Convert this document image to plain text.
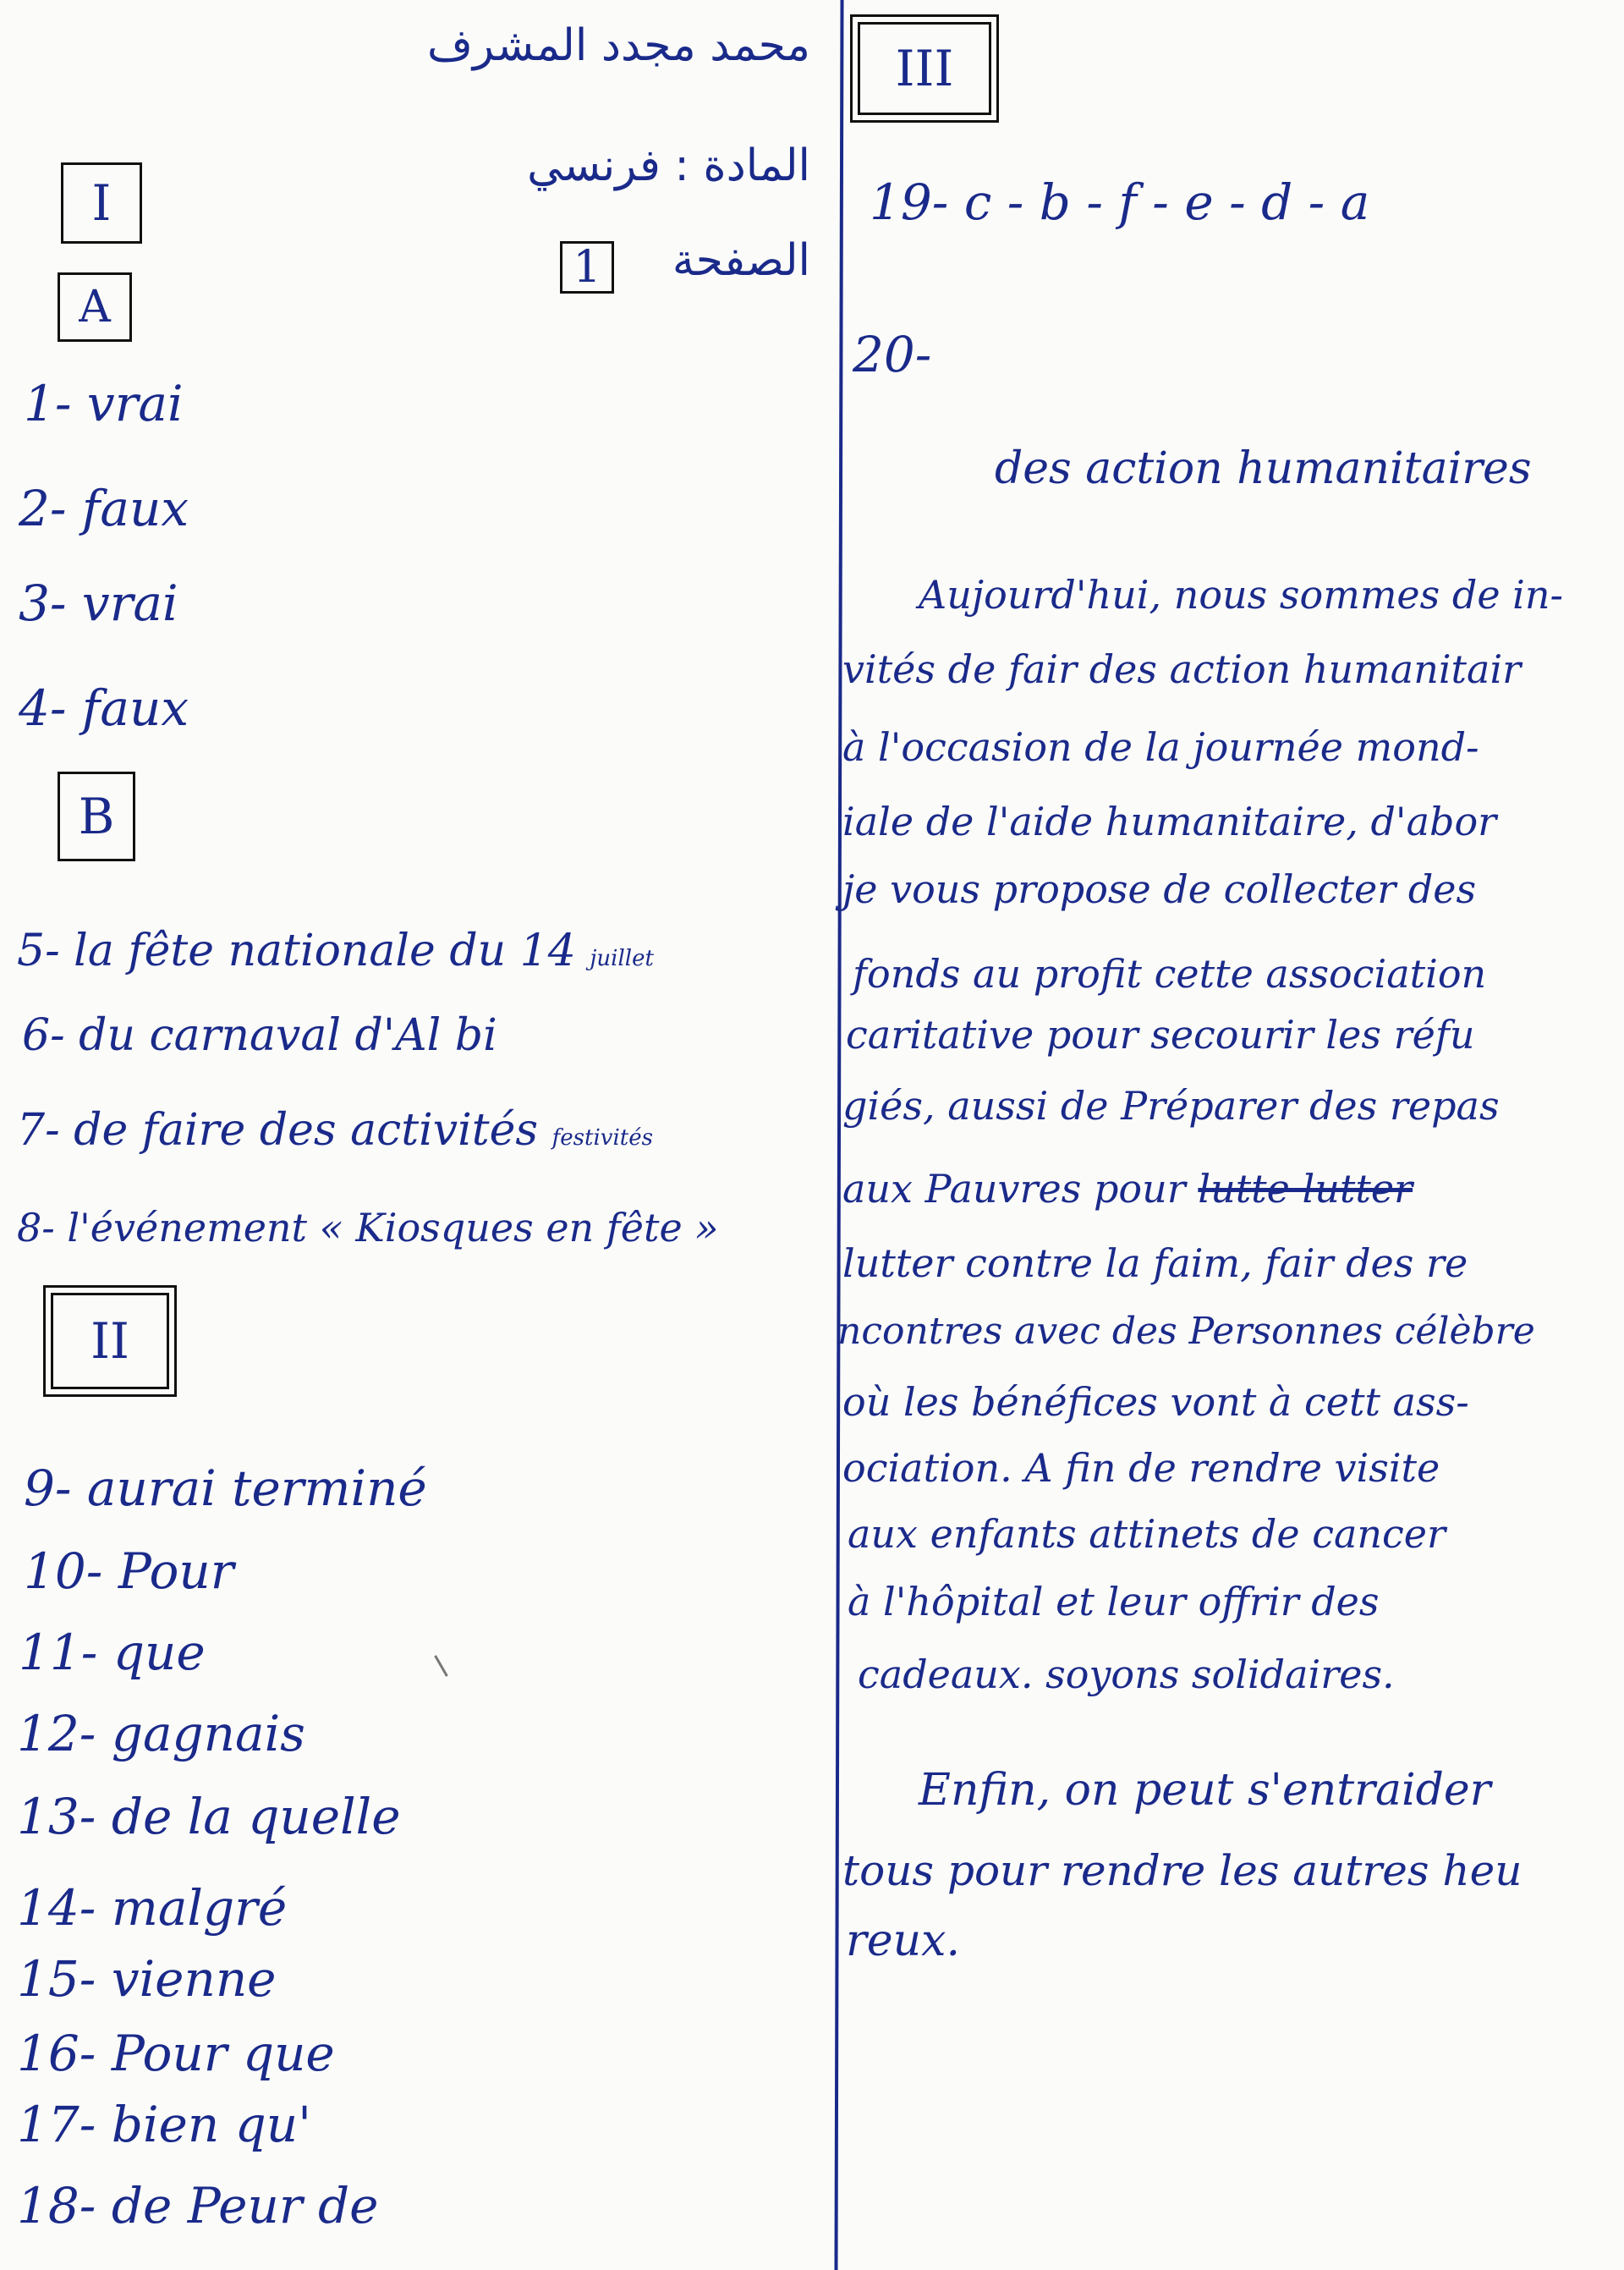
محمد مجدد المشرف
المادة : فرنسي
الصفحة
1
I
A
1- vrai
2- faux
3- vrai
4- faux
B
5- la fête nationale du 14 juillet
6- du carnaval d'Al bi
7- de faire des activités festivités
8- l'événement « Kiosques en fête »
II
9- aurai terminé
10- Pour
11- que
12- gagnais
13- de la quelle
14- malgré
15- vienne
16- Pour que
17- bien qu'
18- de Peur de
III
19- c - b - f - e - d - a
20-
des action humanitaires
Aujourd'hui, nous sommes de in-
vités de fair des action humanitair
à l'occasion de la journée mond-
iale de l'aide humanitaire, d'abor
je vous propose de collecter des
fonds au profit cette association
caritative pour secourir les réfu
giés, aussi de Préparer des repas
aux Pauvres pour lutte lutter
lutter contre la faim, fair des re
ncontres avec des Personnes célèbre
où les bénéfices vont à cett ass-
ociation. A fin de rendre visite
aux enfants attinets de cancer
à l'hôpital et leur offrir des
cadeaux. soyons solidaires.
Enfin, on peut s'entraider
tous pour rendre les autres heu
reux.
